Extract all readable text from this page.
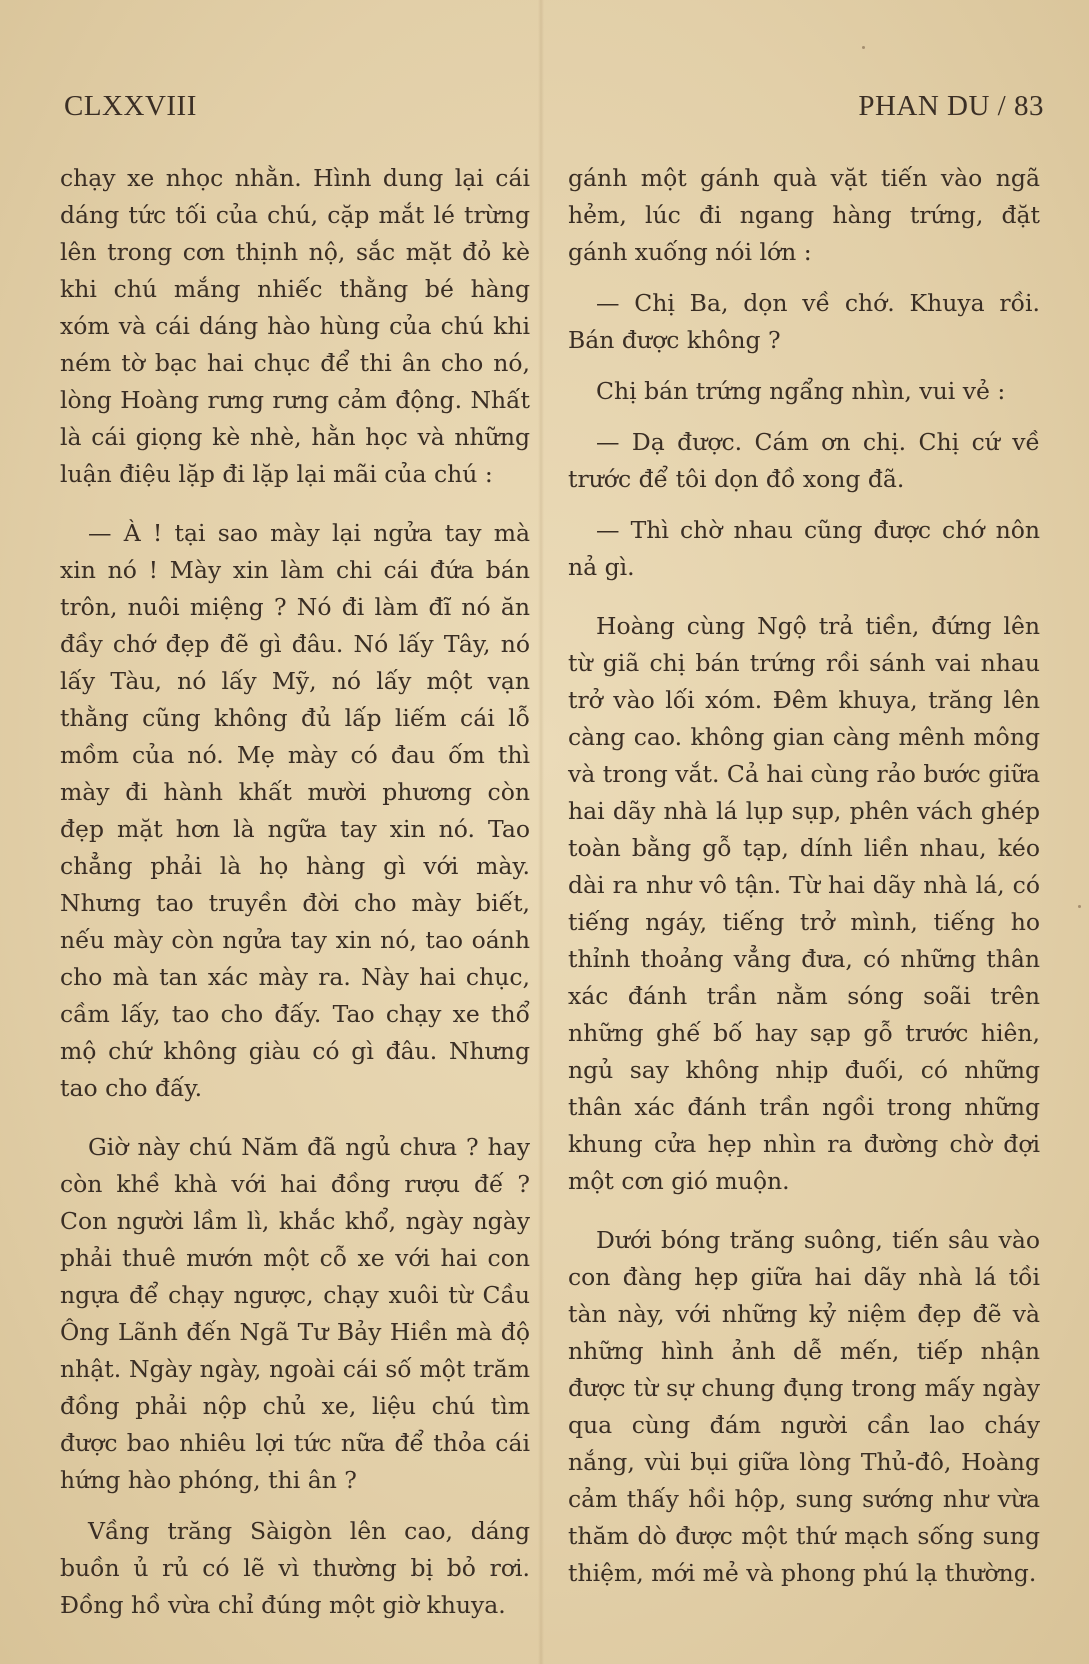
CLXXVIII	PHAN DU / 83

chạy xe nhọc nhằn. Hình dung lại cái dáng tức tối của chú, cặp mắt lé trừng lên trong cơn thịnh nộ, sắc mặt đỏ kè khi chú mắng nhiếc thằng bé hàng xóm và cái dáng hào hùng của chú khi ném tờ bạc hai chục để thi ân cho nó, lòng Hoàng rưng rưng cảm động. Nhất là cái giọng kè nhè, hằn học và những luận điệu lặp đi lặp lại mãi của chú :

— À ! tại sao mày lại ngửa tay mà xin nó ! Mày xin làm chi cái đứa bán trôn, nuôi miệng ? Nó đi làm đĩ nó ăn đầy chớ đẹp đẽ gì đâu. Nó lấy Tây, nó lấy Tàu, nó lấy Mỹ, nó lấy một vạn thằng cũng không đủ lấp liếm cái lỗ mồm của nó. Mẹ mày có đau ốm thì mày đi hành khất mười phương còn đẹp mặt hơn là ngữa tay xin nó. Tao chẳng phải là họ hàng gì với mày. Nhưng tao truyền đời cho mày biết, nếu mày còn ngửa tay xin nó, tao oánh cho mà tan xác mày ra. Này hai chục, cầm lấy, tao cho đấy. Tao chạy xe thổ mộ chứ không giàu có gì đâu. Nhưng tao cho đấy.

Giờ này chú Năm đã ngủ chưa ? hay còn khề khà với hai đồng rượu đế ? Con người lầm lì, khắc khổ, ngày ngày phải thuê mướn một cỗ xe với hai con ngựa để chạy ngược, chạy xuôi từ Cầu Ông Lãnh đến Ngã Tư Bảy Hiền mà độ nhật. Ngày ngày, ngoài cái số một trăm đồng phải nộp chủ xe, liệu chú tìm được bao nhiêu lợi tức nữa để thỏa cái hứng hào phóng, thi ân ?

Vầng trăng Sàigòn lên cao, dáng buồn ủ rủ có lẽ vì thường bị bỏ rơi. Đồng hồ vừa chỉ đúng một giờ khuya.

gánh một gánh quà vặt tiến vào ngã hẻm, lúc đi ngang hàng trứng, đặt gánh xuống nói lớn :

— Chị Ba, dọn về chớ. Khuya rồi. Bán được không ?

Chị bán trứng ngẩng nhìn, vui vẻ :

— Dạ được. Cám ơn chị. Chị cứ về trước để tôi dọn đồ xong đã.

— Thì chờ nhau cũng được chớ nôn nả gì.

Hoàng cùng Ngộ trả tiền, đứng lên từ giã chị bán trứng rồi sánh vai nhau trở vào lối xóm. Đêm khuya, trăng lên càng cao. không gian càng mênh mông và trong vắt. Cả hai cùng rảo bước giữa hai dãy nhà lá lụp sụp, phên vách ghép toàn bằng gỗ tạp, dính liền nhau, kéo dài ra như vô tận. Từ hai dãy nhà lá, có tiếng ngáy, tiếng trở mình, tiếng ho thỉnh thoảng vẳng đưa, có những thân xác đánh trần nằm sóng soãi trên những ghế bố hay sạp gỗ trước hiên, ngủ say không nhịp đuối, có những thân xác đánh trần ngồi trong những khung cửa hẹp nhìn ra đường chờ đợi một cơn gió muộn.

Dưới bóng trăng suông, tiến sâu vào con đàng hẹp giữa hai dãy nhà lá tồi tàn này, với những kỷ niệm đẹp đẽ và những hình ảnh dễ mến, tiếp nhận được từ sự chung đụng trong mấy ngày qua cùng đám người cần lao cháy nắng, vùi bụi giữa lòng Thủ-đô, Hoàng cảm thấy hồi hộp, sung sướng như vừa thăm dò được một thứ mạch sống sung thiệm, mới mẻ và phong phú lạ thường.
